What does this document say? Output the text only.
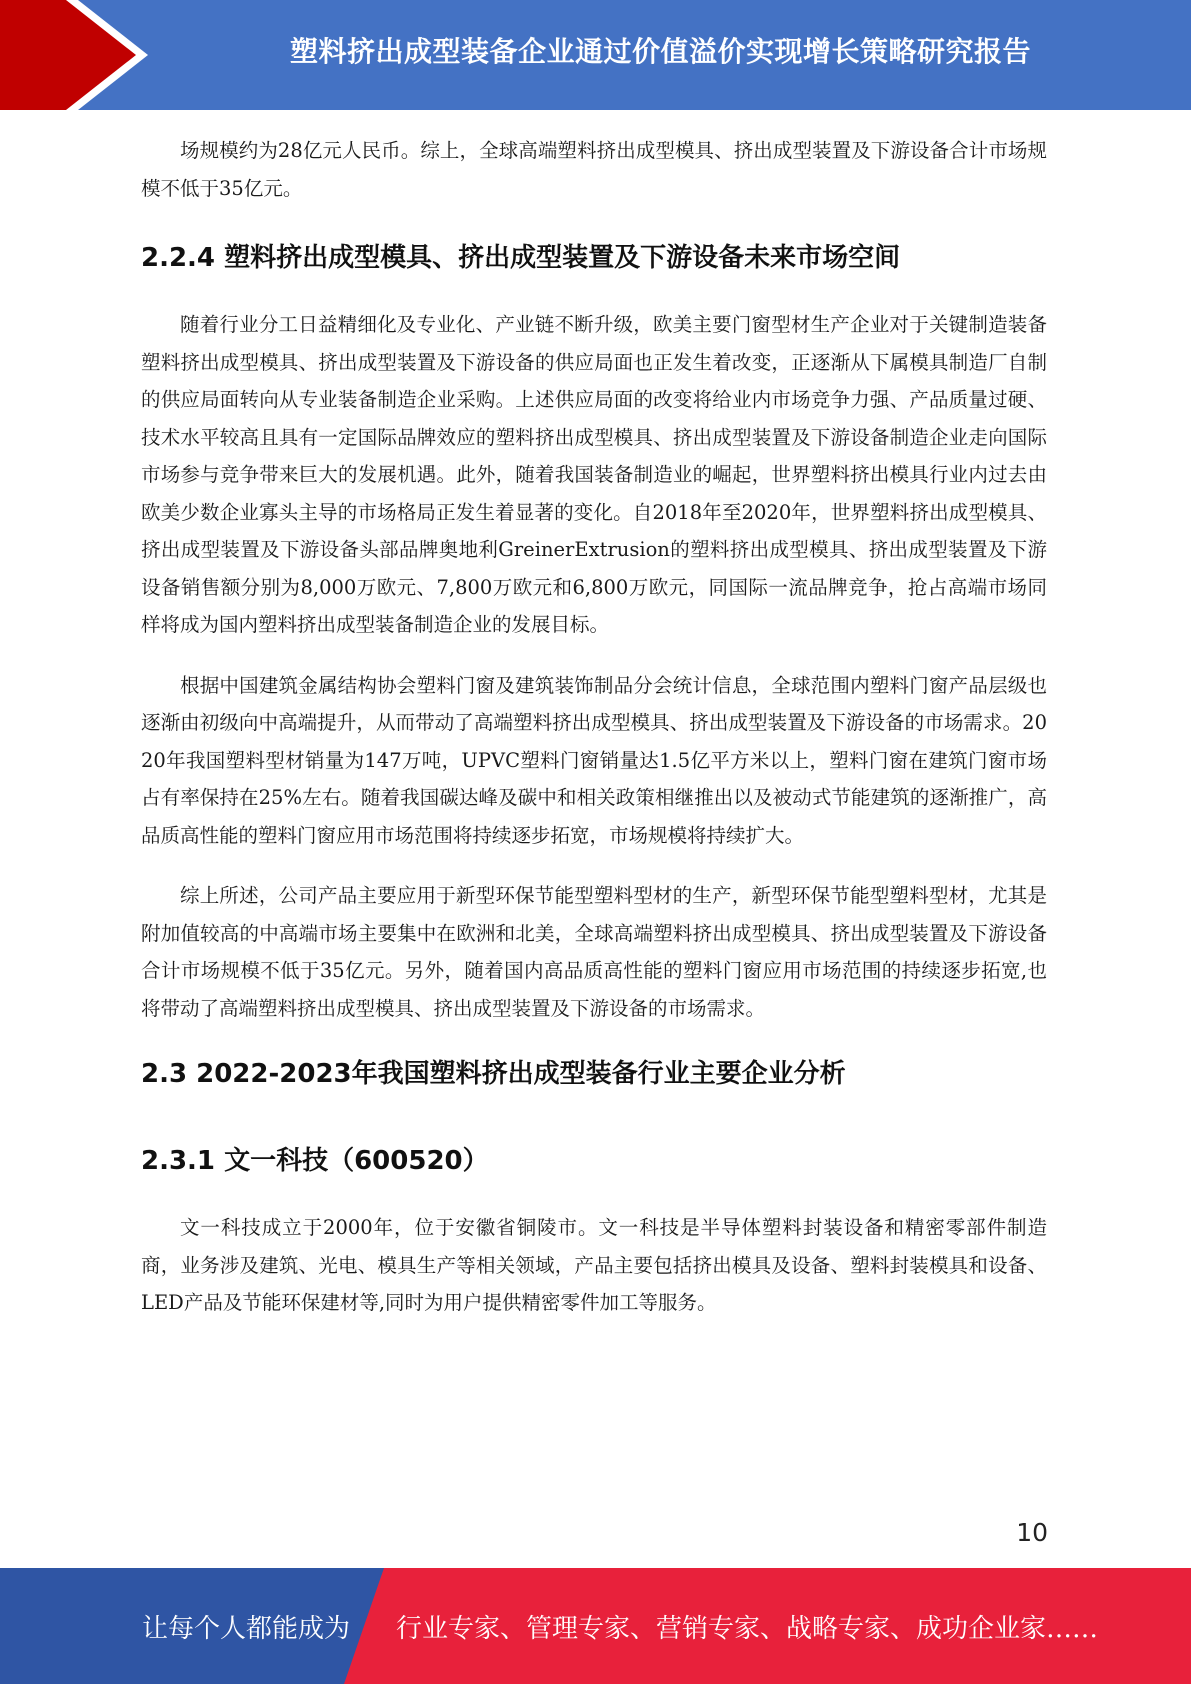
塑料挤出成型装备企业通过价值溢价实现增长策略研究报告

场规模约为28亿元人民币。综上，全球高端塑料挤出成型模具、挤出成型装置及下游设备合计市场规模不低于35亿元。

2.2.4 塑料挤出成型模具、挤出成型装置及下游设备未来市场空间

随着行业分工日益精细化及专业化、产业链不断升级，欧美主要门窗型材生产企业对于关键制造装备塑料挤出成型模具、挤出成型装置及下游设备的供应局面也正发生着改变，正逐渐从下属模具制造厂自制的供应局面转向从专业装备制造企业采购。上述供应局面的改变将给业内市场竞争力强、产品质量过硬、技术水平较高且具有一定国际品牌效应的塑料挤出成型模具、挤出成型装置及下游设备制造企业走向国际市场参与竞争带来巨大的发展机遇。此外，随着我国装备制造业的崛起，世界塑料挤出模具行业内过去由欧美少数企业寡头主导的市场格局正发生着显著的变化。自2018年至2020年，世界塑料挤出成型模具、挤出成型装置及下游设备头部品牌奥地利GreinerExtrusion的塑料挤出成型模具、挤出成型装置及下游设备销售额分别为8,000万欧元、7,800万欧元和6,800万欧元，同国际一流品牌竞争，抢占高端市场同样将成为国内塑料挤出成型装备制造企业的发展目标。

根据中国建筑金属结构协会塑料门窗及建筑装饰制品分会统计信息，全球范围内塑料门窗产品层级也逐渐由初级向中高端提升，从而带动了高端塑料挤出成型模具、挤出成型装置及下游设备的市场需求。2020年我国塑料型材销量为147万吨，UPVC塑料门窗销量达1.5亿平方米以上，塑料门窗在建筑门窗市场占有率保持在25%左右。随着我国碳达峰及碳中和相关政策相继推出以及被动式节能建筑的逐渐推广，高品质高性能的塑料门窗应用市场范围将持续逐步拓宽，市场规模将持续扩大。

综上所述，公司产品主要应用于新型环保节能型塑料型材的生产，新型环保节能型塑料型材，尤其是附加值较高的中高端市场主要集中在欧洲和北美，全球高端塑料挤出成型模具、挤出成型装置及下游设备合计市场规模不低于35亿元。另外，随着国内高品质高性能的塑料门窗应用市场范围的持续逐步拓宽,也将带动了高端塑料挤出成型模具、挤出成型装置及下游设备的市场需求。

2.3 2022-2023年我国塑料挤出成型装备行业主要企业分析
2.3.1 文一科技（600520）

文一科技成立于2000年，位于安徽省铜陵市。文一科技是半导体塑料封装设备和精密零部件制造商，业务涉及建筑、光电、模具生产等相关领域，产品主要包括挤出模具及设备、塑料封装模具和设备、LED产品及节能环保建材等,同时为用户提供精密零件加工等服务。

10
让每个人都能成为 行业专家、管理专家、营销专家、战略专家、成功企业家……
